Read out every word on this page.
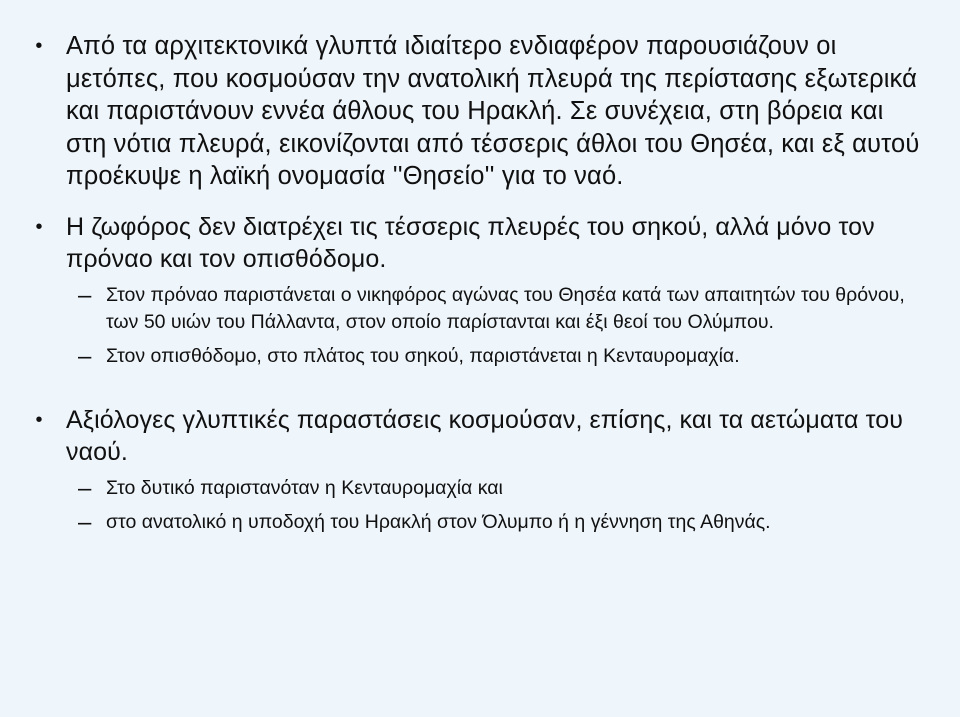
• Από τα αρχιτεκτονικά γλυπτά ιδιαίτερο ενδιαφέρον παρουσιάζουν οι μετόπες, που κοσμούσαν την ανατολική πλευρά της περίστασης εξωτερικά και παριστάνουν εννέα άθλους του Ηρακλή. Σε συνέχεια, στη βόρεια και στη νότια πλευρά, εικονίζονται από τέσσερις άθλοι του Θησέα, και εξ αυτού προέκυψε η λαϊκή ονομασία ''Θησείο'' για το ναό.
• Η ζωφόρος δεν διατρέχει τις τέσσερις πλευρές του σηκού, αλλά μόνο τον πρόναο και τον οπισθόδομο.
– Στον πρόναο παριστάνεται ο νικηφόρος αγώνας του Θησέα κατά των απαιτητών του θρόνου, των 50 υιών του Πάλλαντα, στον οποίο παρίστανται και έξι θεοί του Ολύμπου.
– Στον οπισθόδομο, στο πλάτος του σηκού, παριστάνεται η Κενταυρομαχία.
• Αξιόλογες γλυπτικές παραστάσεις κοσμούσαν, επίσης, και τα αετώματα του ναού.
– Στο δυτικό παριστανόταν η Κενταυρομαχία και
– στο ανατολικό η υποδοχή του Ηρακλή στον Όλυμπο ή η γέννηση της Αθηνάς.
